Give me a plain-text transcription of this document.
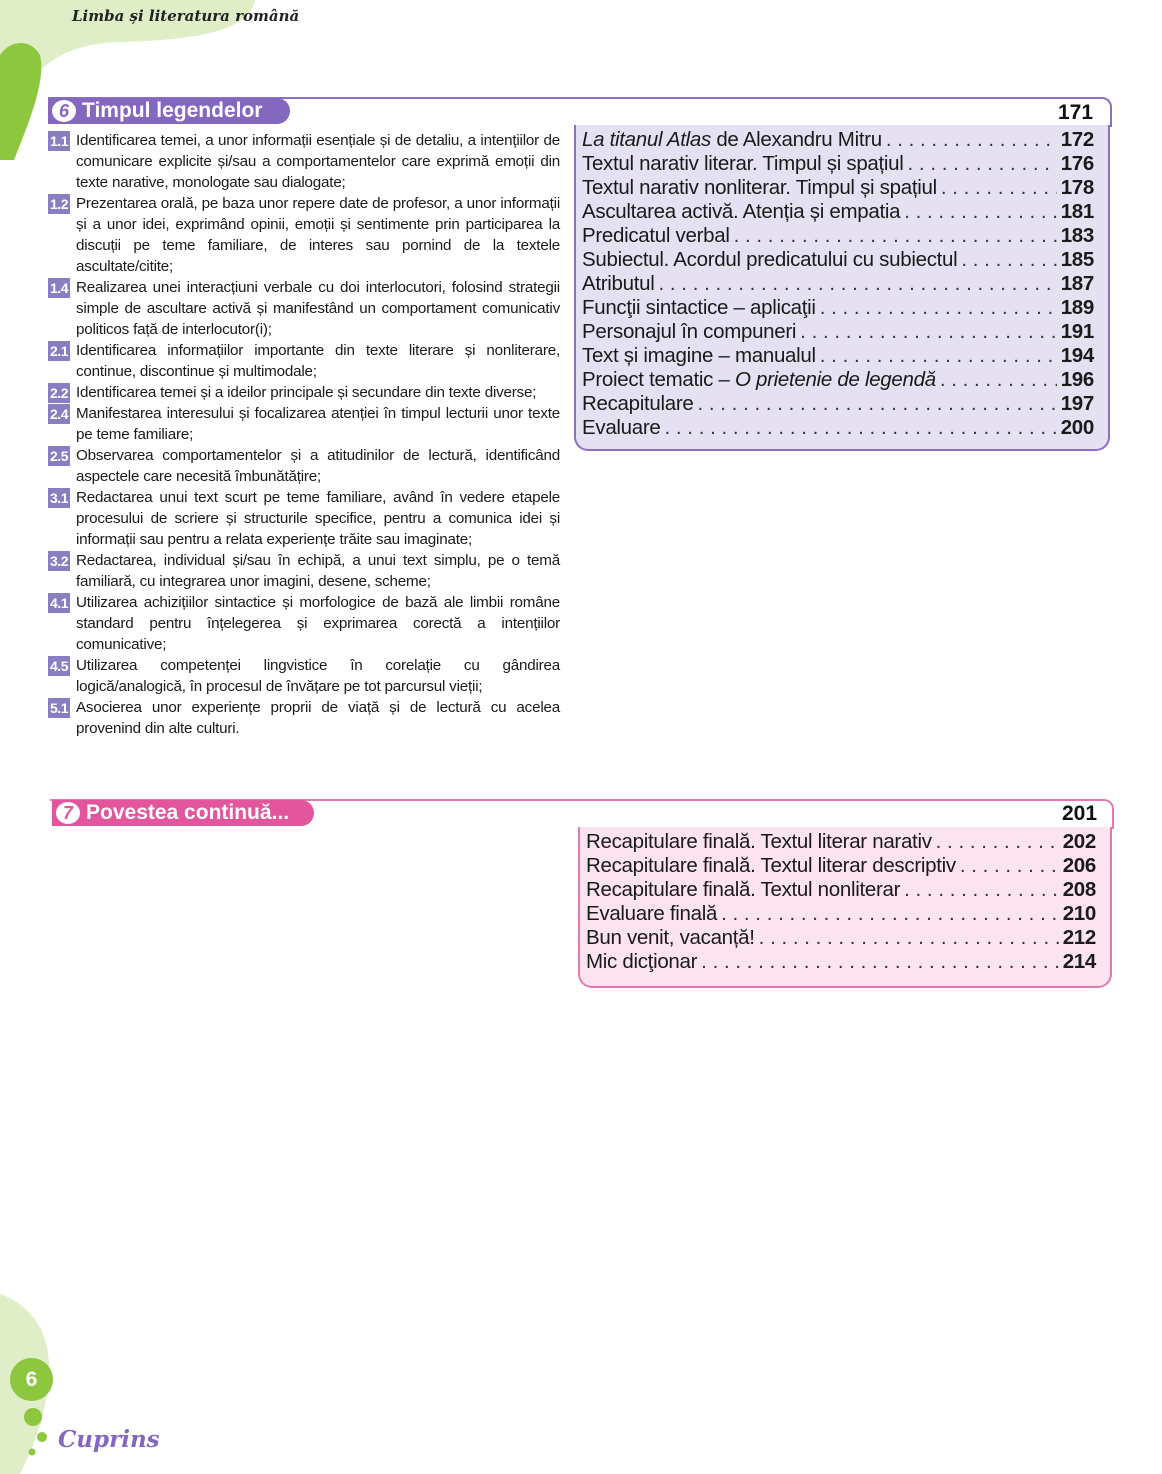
Limba și literatura română
6 Timpul legendelor	171
1.1 Identificarea temei, a unor informații esențiale și de detaliu, a intențiilor de comunicare explicite și/sau a comportamentelor care exprimă emoții din texte narative, monologate sau dialogate;
1.2 Prezentarea orală, pe baza unor repere date de profesor, a unor informații și a unor idei, exprimând opinii, emoții și sentimente prin participarea la discuții pe teme familiare, de interes sau pornind de la textele ascultate/citite;
1.4 Realizarea unei interacțiuni verbale cu doi interlocutori, folosind strategii simple de ascultare activă și manifestând un comportament comunicativ politicos față de interlocutor(i);
2.1 Identificarea informațiilor importante din texte literare și nonliterare, continue, discontinue și multimodale;
2.2 Identificarea temei și a ideilor principale și secundare din texte diverse;
2.4 Manifestarea interesului și focalizarea atenției în timpul lecturii unor texte pe teme familiare;
2.5 Observarea comportamentelor și a atitudinilor de lectură, identificând aspectele care necesită îmbunătățire;
3.1 Redactarea unui text scurt pe teme familiare, având în vedere etapele procesului de scriere și structurile specifice, pentru a comunica idei și informații sau pentru a relata experiențe trăite sau imaginate;
3.2 Redactarea, individual și/sau în echipă, a unui text simplu, pe o temă familiară, cu integrarea unor imagini, desene, scheme;
4.1 Utilizarea achizițiilor sintactice și morfologice de bază ale limbii române standard pentru înțelegerea și exprimarea corectă a intențiilor comunicative;
4.5 Utilizarea competenței lingvistice în corelație cu gândirea logică/analogică, în procesul de învățare pe tot parcursul vieții;
5.1 Asocierea unor experiențe proprii de viață și de lectură cu acelea provenind din alte culturi.
La titanul Atlas de Alexandru Mitru . . .	172
Textul narativ literar. Timpul și spațiul . . .	176
Textul narativ nonliterar. Timpul și spațiul . . .	178
Ascultarea activă. Atenția și empatia . . .	181
Predicatul verbal . . .	183
Subiectul. Acordul predicatului cu subiectul . . .	185
Atributul . . .	187
Funcţii sintactice – aplicaţii . . .	189
Personajul în compuneri . . .	191
Text și imagine – manualul . . .	194
Proiect tematic – O prietenie de legendă . . .	196
Recapitulare . . .	197
Evaluare . . .	200
7 Povestea continuă...	201
Recapitulare finală. Textul literar narativ . . .	202
Recapitulare finală. Textul literar descriptiv . . .	206
Recapitulare finală. Textul nonliterar . . .	208
Evaluare finală . . .	210
Bun venit, vacanță! . . .	212
Mic dicţionar . . .	214
6
Cuprins
